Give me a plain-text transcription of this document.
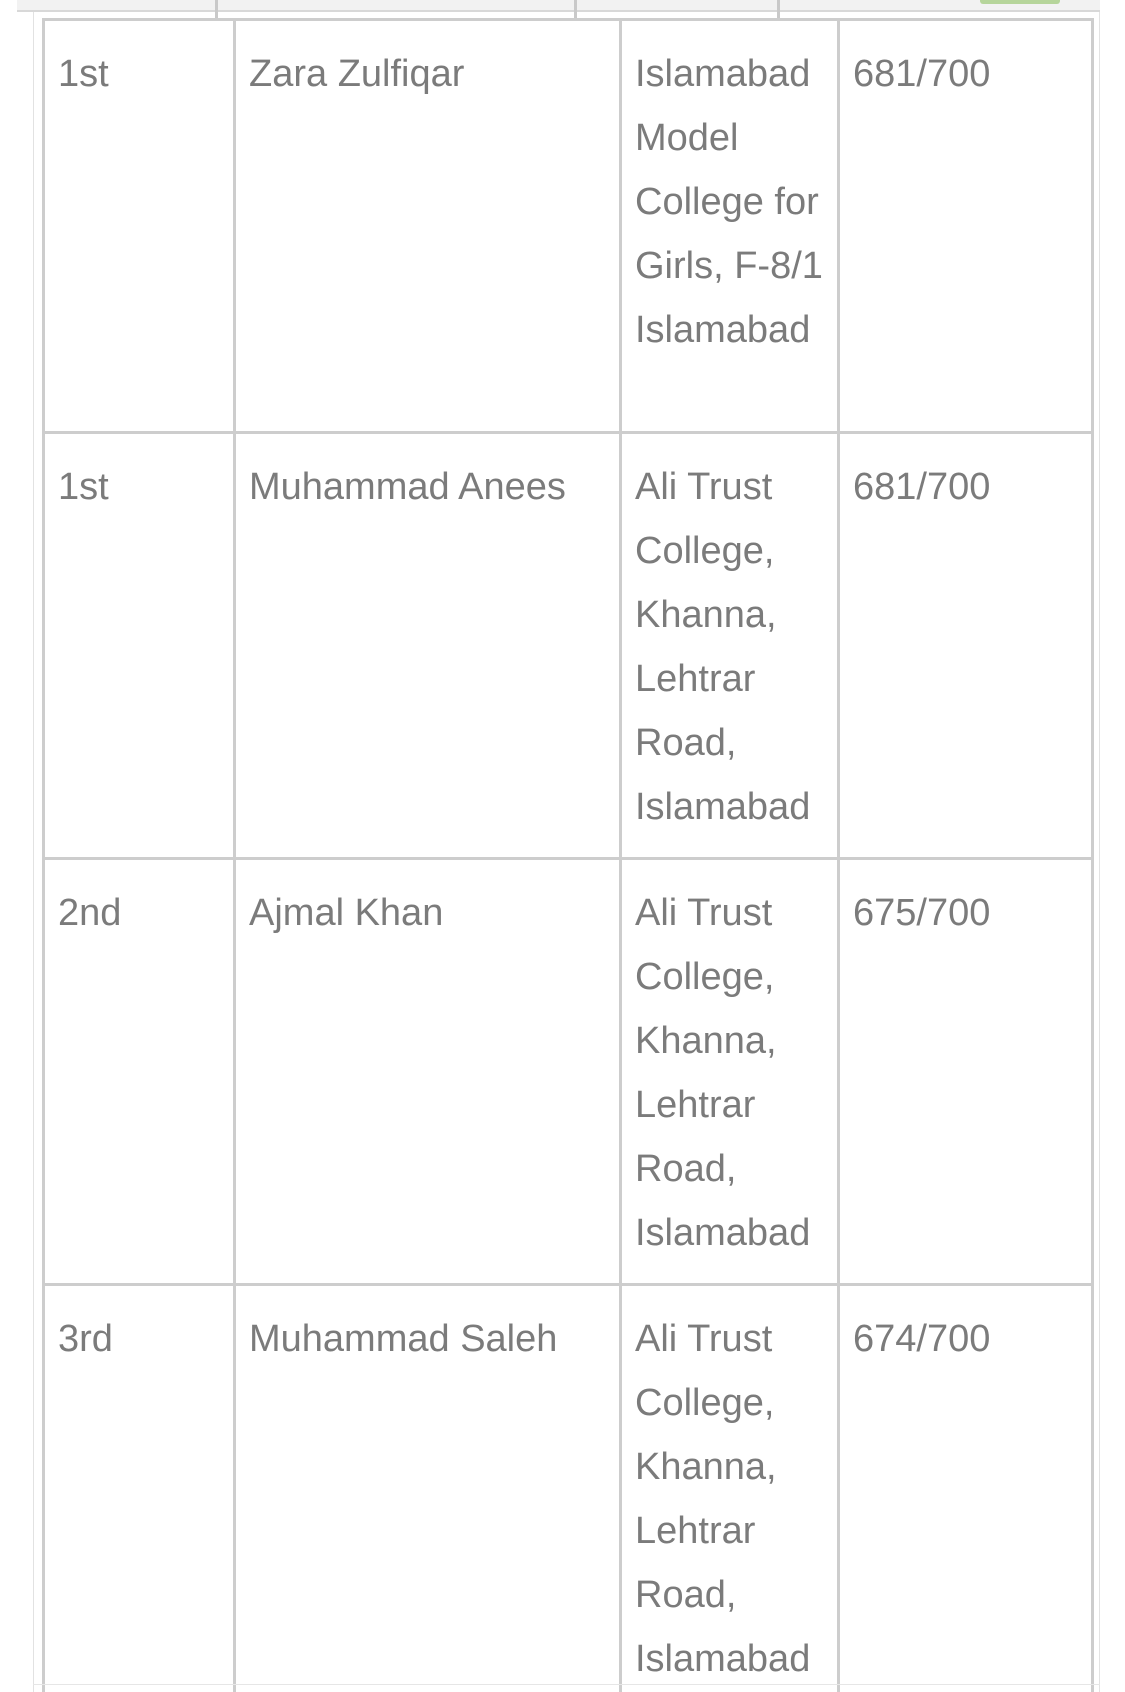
1st	Zara Zulfiqar	Islamabad Model College for Girls, F-8/1 Islamabad	681/700
1st	Muhammad Anees	Ali Trust College, Khanna, Lehtrar Road, Islamabad	681/700
2nd	Ajmal Khan	Ali Trust College, Khanna, Lehtrar Road, Islamabad	675/700
3rd	Muhammad Saleh	Ali Trust College, Khanna, Lehtrar Road, Islamabad	674/700
